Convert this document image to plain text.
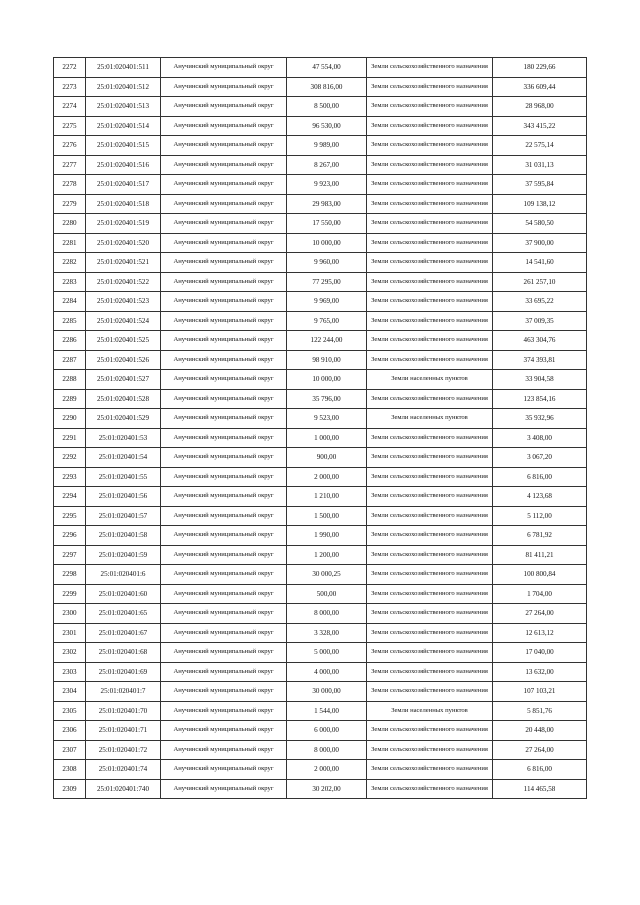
2272	25:01:020401:511	Анучинский муниципальный округ	47 554,00	Земли сельскохозяйственного назначения	180 229,66
2273	25:01:020401:512	Анучинский муниципальный округ	308 816,00	Земли сельскохозяйственного назначения	336 609,44
2274	25:01:020401:513	Анучинский муниципальный округ	8 500,00	Земли сельскохозяйственного назначения	28 968,00
2275	25:01:020401:514	Анучинский муниципальный округ	96 530,00	Земли сельскохозяйственного назначения	343 415,22
2276	25:01:020401:515	Анучинский муниципальный округ	9 989,00	Земли сельскохозяйственного назначения	22 575,14
2277	25:01:020401:516	Анучинский муниципальный округ	8 267,00	Земли сельскохозяйственного назначения	31 031,13
2278	25:01:020401:517	Анучинский муниципальный округ	9 923,00	Земли сельскохозяйственного назначения	37 595,84
2279	25:01:020401:518	Анучинский муниципальный округ	29 983,00	Земли сельскохозяйственного назначения	109 138,12
2280	25:01:020401:519	Анучинский муниципальный округ	17 550,00	Земли сельскохозяйственного назначения	54 580,50
2281	25:01:020401:520	Анучинский муниципальный округ	10 000,00	Земли сельскохозяйственного назначения	37 900,00
2282	25:01:020401:521	Анучинский муниципальный округ	9 960,00	Земли сельскохозяйственного назначения	14 541,60
2283	25:01:020401:522	Анучинский муниципальный округ	77 295,00	Земли сельскохозяйственного назначения	261 257,10
2284	25:01:020401:523	Анучинский муниципальный округ	9 969,00	Земли сельскохозяйственного назначения	33 695,22
2285	25:01:020401:524	Анучинский муниципальный округ	9 765,00	Земли сельскохозяйственного назначения	37 009,35
2286	25:01:020401:525	Анучинский муниципальный округ	122 244,00	Земли сельскохозяйственного назначения	463 304,76
2287	25:01:020401:526	Анучинский муниципальный округ	98 910,00	Земли сельскохозяйственного назначения	374 393,81
2288	25:01:020401:527	Анучинский муниципальный округ	10 000,00	Земли населенных пунктов	33 904,58
2289	25:01:020401:528	Анучинский муниципальный округ	35 796,00	Земли сельскохозяйственного назначения	123 854,16
2290	25:01:020401:529	Анучинский муниципальный округ	9 523,00	Земли населенных пунктов	35 932,96
2291	25:01:020401:53	Анучинский муниципальный округ	1 000,00	Земли сельскохозяйственного назначения	3 408,00
2292	25:01:020401:54	Анучинский муниципальный округ	900,00	Земли сельскохозяйственного назначения	3 067,20
2293	25:01:020401:55	Анучинский муниципальный округ	2 000,00	Земли сельскохозяйственного назначения	6 816,00
2294	25:01:020401:56	Анучинский муниципальный округ	1 210,00	Земли сельскохозяйственного назначения	4 123,68
2295	25:01:020401:57	Анучинский муниципальный округ	1 500,00	Земли сельскохозяйственного назначения	5 112,00
2296	25:01:020401:58	Анучинский муниципальный округ	1 990,00	Земли сельскохозяйственного назначения	6 781,92
2297	25:01:020401:59	Анучинский муниципальный округ	1 200,00	Земли сельскохозяйственного назначения	81 411,21
2298	25:01:020401:6	Анучинский муниципальный округ	30 000,25	Земли сельскохозяйственного назначения	100 800,84
2299	25:01:020401:60	Анучинский муниципальный округ	500,00	Земли сельскохозяйственного назначения	1 704,00
2300	25:01:020401:65	Анучинский муниципальный округ	8 000,00	Земли сельскохозяйственного назначения	27 264,00
2301	25:01:020401:67	Анучинский муниципальный округ	3 328,00	Земли сельскохозяйственного назначения	12 613,12
2302	25:01:020401:68	Анучинский муниципальный округ	5 000,00	Земли сельскохозяйственного назначения	17 040,00
2303	25:01:020401:69	Анучинский муниципальный округ	4 000,00	Земли сельскохозяйственного назначения	13 632,00
2304	25:01:020401:7	Анучинский муниципальный округ	30 000,00	Земли сельскохозяйственного назначения	107 103,21
2305	25:01:020401:70	Анучинский муниципальный округ	1 544,00	Земли населенных пунктов	5 851,76
2306	25:01:020401:71	Анучинский муниципальный округ	6 000,00	Земли сельскохозяйственного назначения	20 448,00
2307	25:01:020401:72	Анучинский муниципальный округ	8 000,00	Земли сельскохозяйственного назначения	27 264,00
2308	25:01:020401:74	Анучинский муниципальный округ	2 000,00	Земли сельскохозяйственного назначения	6 816,00
2309	25:01:020401:740	Анучинский муниципальный округ	30 202,00	Земли сельскохозяйственного назначения	114 465,58
